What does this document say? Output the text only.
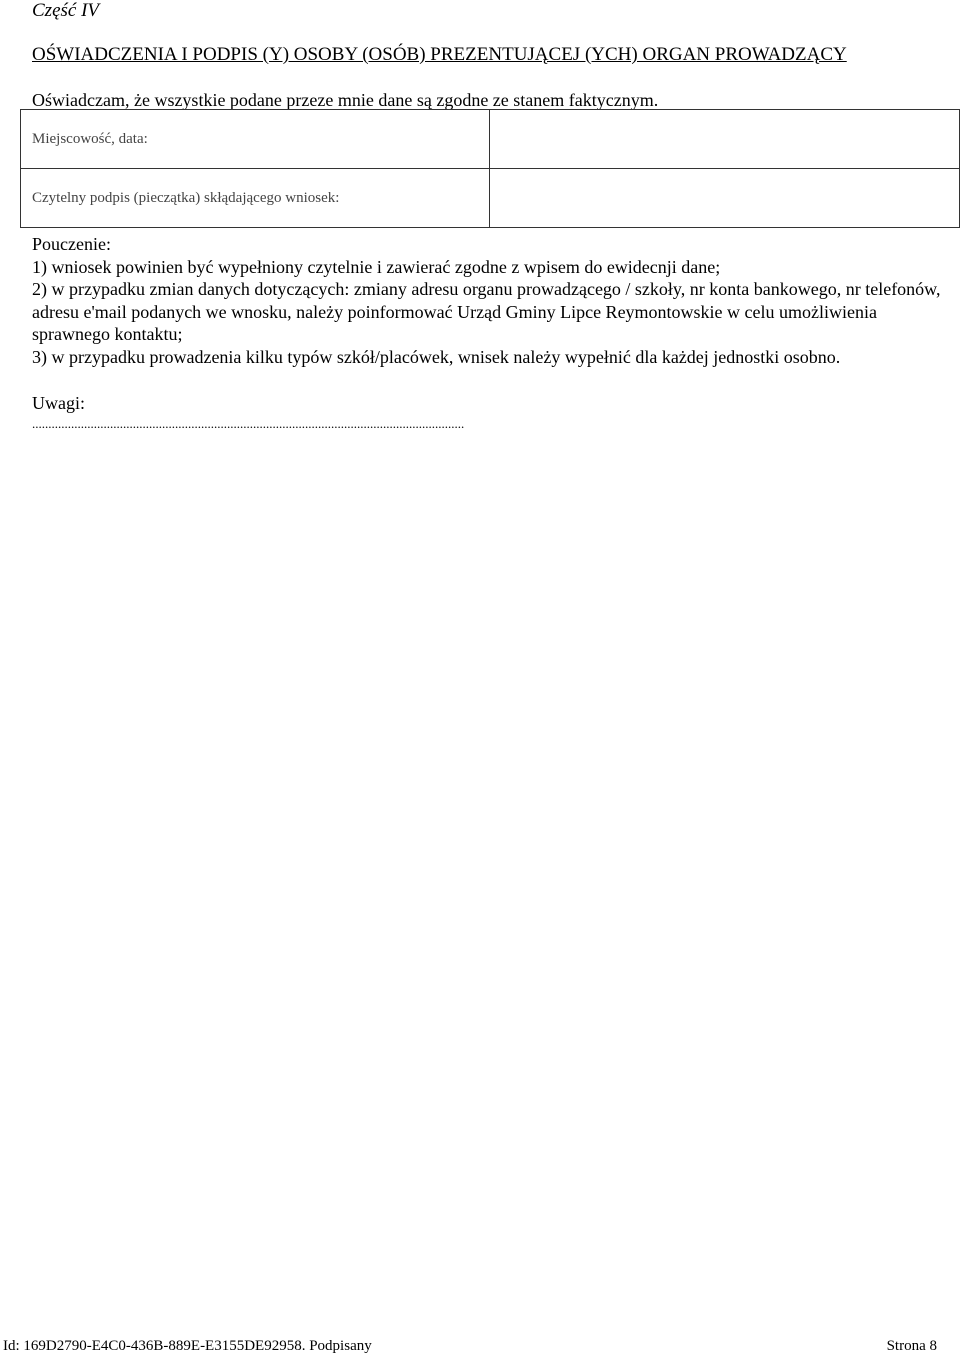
Część IV
OŚWIADCZENIA I PODPIS (Y) OSOBY (OSÓB) PREZENTUJĄCEJ (YCH) ORGAN PROWADZĄCY
Oświadczam, że wszystkie podane przeze mnie dane są zgodne ze stanem faktycznym.
Miejscowość, data:	
Czytelny podpis (pieczątka) skłądającego wniosek:	

Pouczenie:

1) wniosek powinien być wypełniony czytelnie i zawierać zgodne z wpisem do ewidecnji dane;

2) w przypadku zmian danych dotyczących: zmiany adresu organu prowadzącego / szkoły, nr konta bankowego, nr telefonów, adresu e'mail podanych we wnosku, należy poinformować Urząd Gminy Lipce Reymontowskie w celu umożliwienia sprawnego kontaktu;

3) w przypadku prowadzenia kilku typów szkół/placówek, wnisek należy wypełnić dla każdej jednostki osobno.

Uwagi:
.....................................................................................................................................
Id: 169D2790-E4C0-436B-889E-E3155DE92958. Podpisany	Strona 8
